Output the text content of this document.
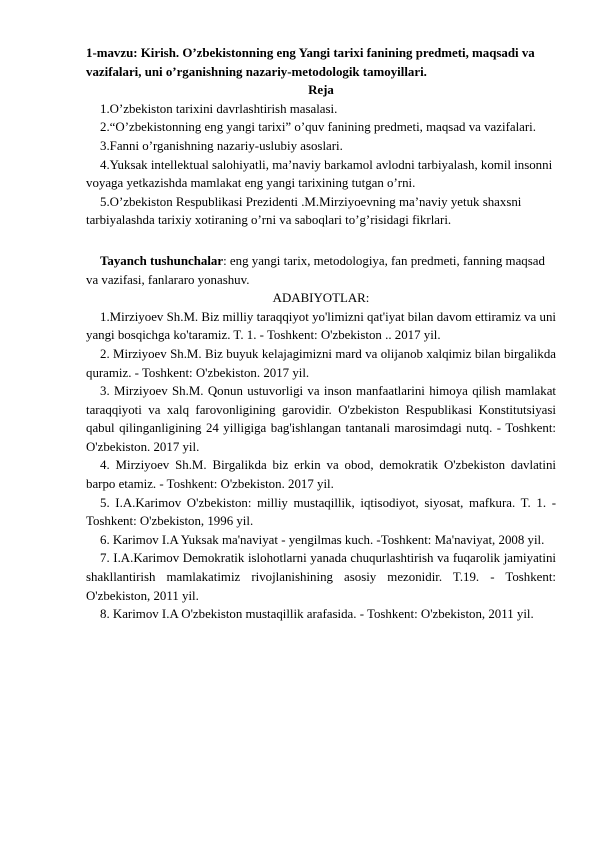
1-mavzu: Kirish. O’zbekistonning eng Yangi tarixi fanining predmeti, maqsadi va vazifalari, uni o’rganishning nazariy-metodologik tamoyillari.

Reja

1.O’zbekiston tarixini davrlashtirish masalasi.

2.“O’zbekistonning eng yangi tarixi” o’quv fanining predmeti, maqsad va vazifalari.

3.Fanni o’rganishning nazariy-uslubiy asoslari.

4.Yuksak intellektual salohiyatli, ma’naviy barkamol avlodni tarbiyalash, komil insonni voyaga yetkazishda mamlakat eng yangi tarixining tutgan o’rni.

5.O’zbekiston Respublikasi Prezidenti .M.Mirziyoevning ma’naviy yetuk shaxsni tarbiyalashda tarixiy xotiraning o’rni va saboqlari to’g’risidagi fikrlari.

Tayanch tushunchalar: eng yangi tarix, metodologiya, fan predmeti, fanning maqsad va vazifasi, fanlararo yonashuv.

ADABIYOTLAR:

1.Mirziyoev Sh.M. Biz milliy taraqqiyot yo'limizni qat'iyat bilan davom ettiramiz va uni yangi bosqichga ko'taramiz. T. 1. - Toshkent: O'zbekiston .. 2017 yil.

2. Mirziyoev Sh.M. Biz buyuk kelajagimizni mard va olijanob xalqimiz bilan birgalikda quramiz. - Toshkent: O'zbekiston. 2017 yil.

3. Mirziyoev Sh.M. Qonun ustuvorligi va inson manfaatlarini himoya qilish mamlakat taraqqiyoti va xalq farovonligining garovidir. O'zbekiston Respublikasi Konstitutsiyasi qabul qilinganligining 24 yilligiga bag'ishlangan tantanali marosimdagi nutq. - Toshkent: O'zbekiston. 2017 yil.

4. Mirziyoev Sh.M. Birgalikda biz erkin va obod, demokratik O'zbekiston davlatini barpo etamiz. - Toshkent: O'zbekiston. 2017 yil.

5. I.A.Karimov O'zbekiston: milliy mustaqillik, iqtisodiyot, siyosat, mafkura. T. 1. - Toshkent: O'zbekiston, 1996 yil.

6. Karimov I.A Yuksak ma'naviyat - yengilmas kuch. -Toshkent: Ma'naviyat, 2008 yil.

7. I.A.Karimov Demokratik islohotlarni yanada chuqurlashtirish va fuqarolik jamiyatini shakllantirish mamlakatimiz rivojlanishining asosiy mezonidir. T.19. - Toshkent: O'zbekiston, 2011 yil.

8. Karimov I.A O'zbekiston mustaqillik arafasida. - Toshkent: O'zbekiston, 2011 yil.
